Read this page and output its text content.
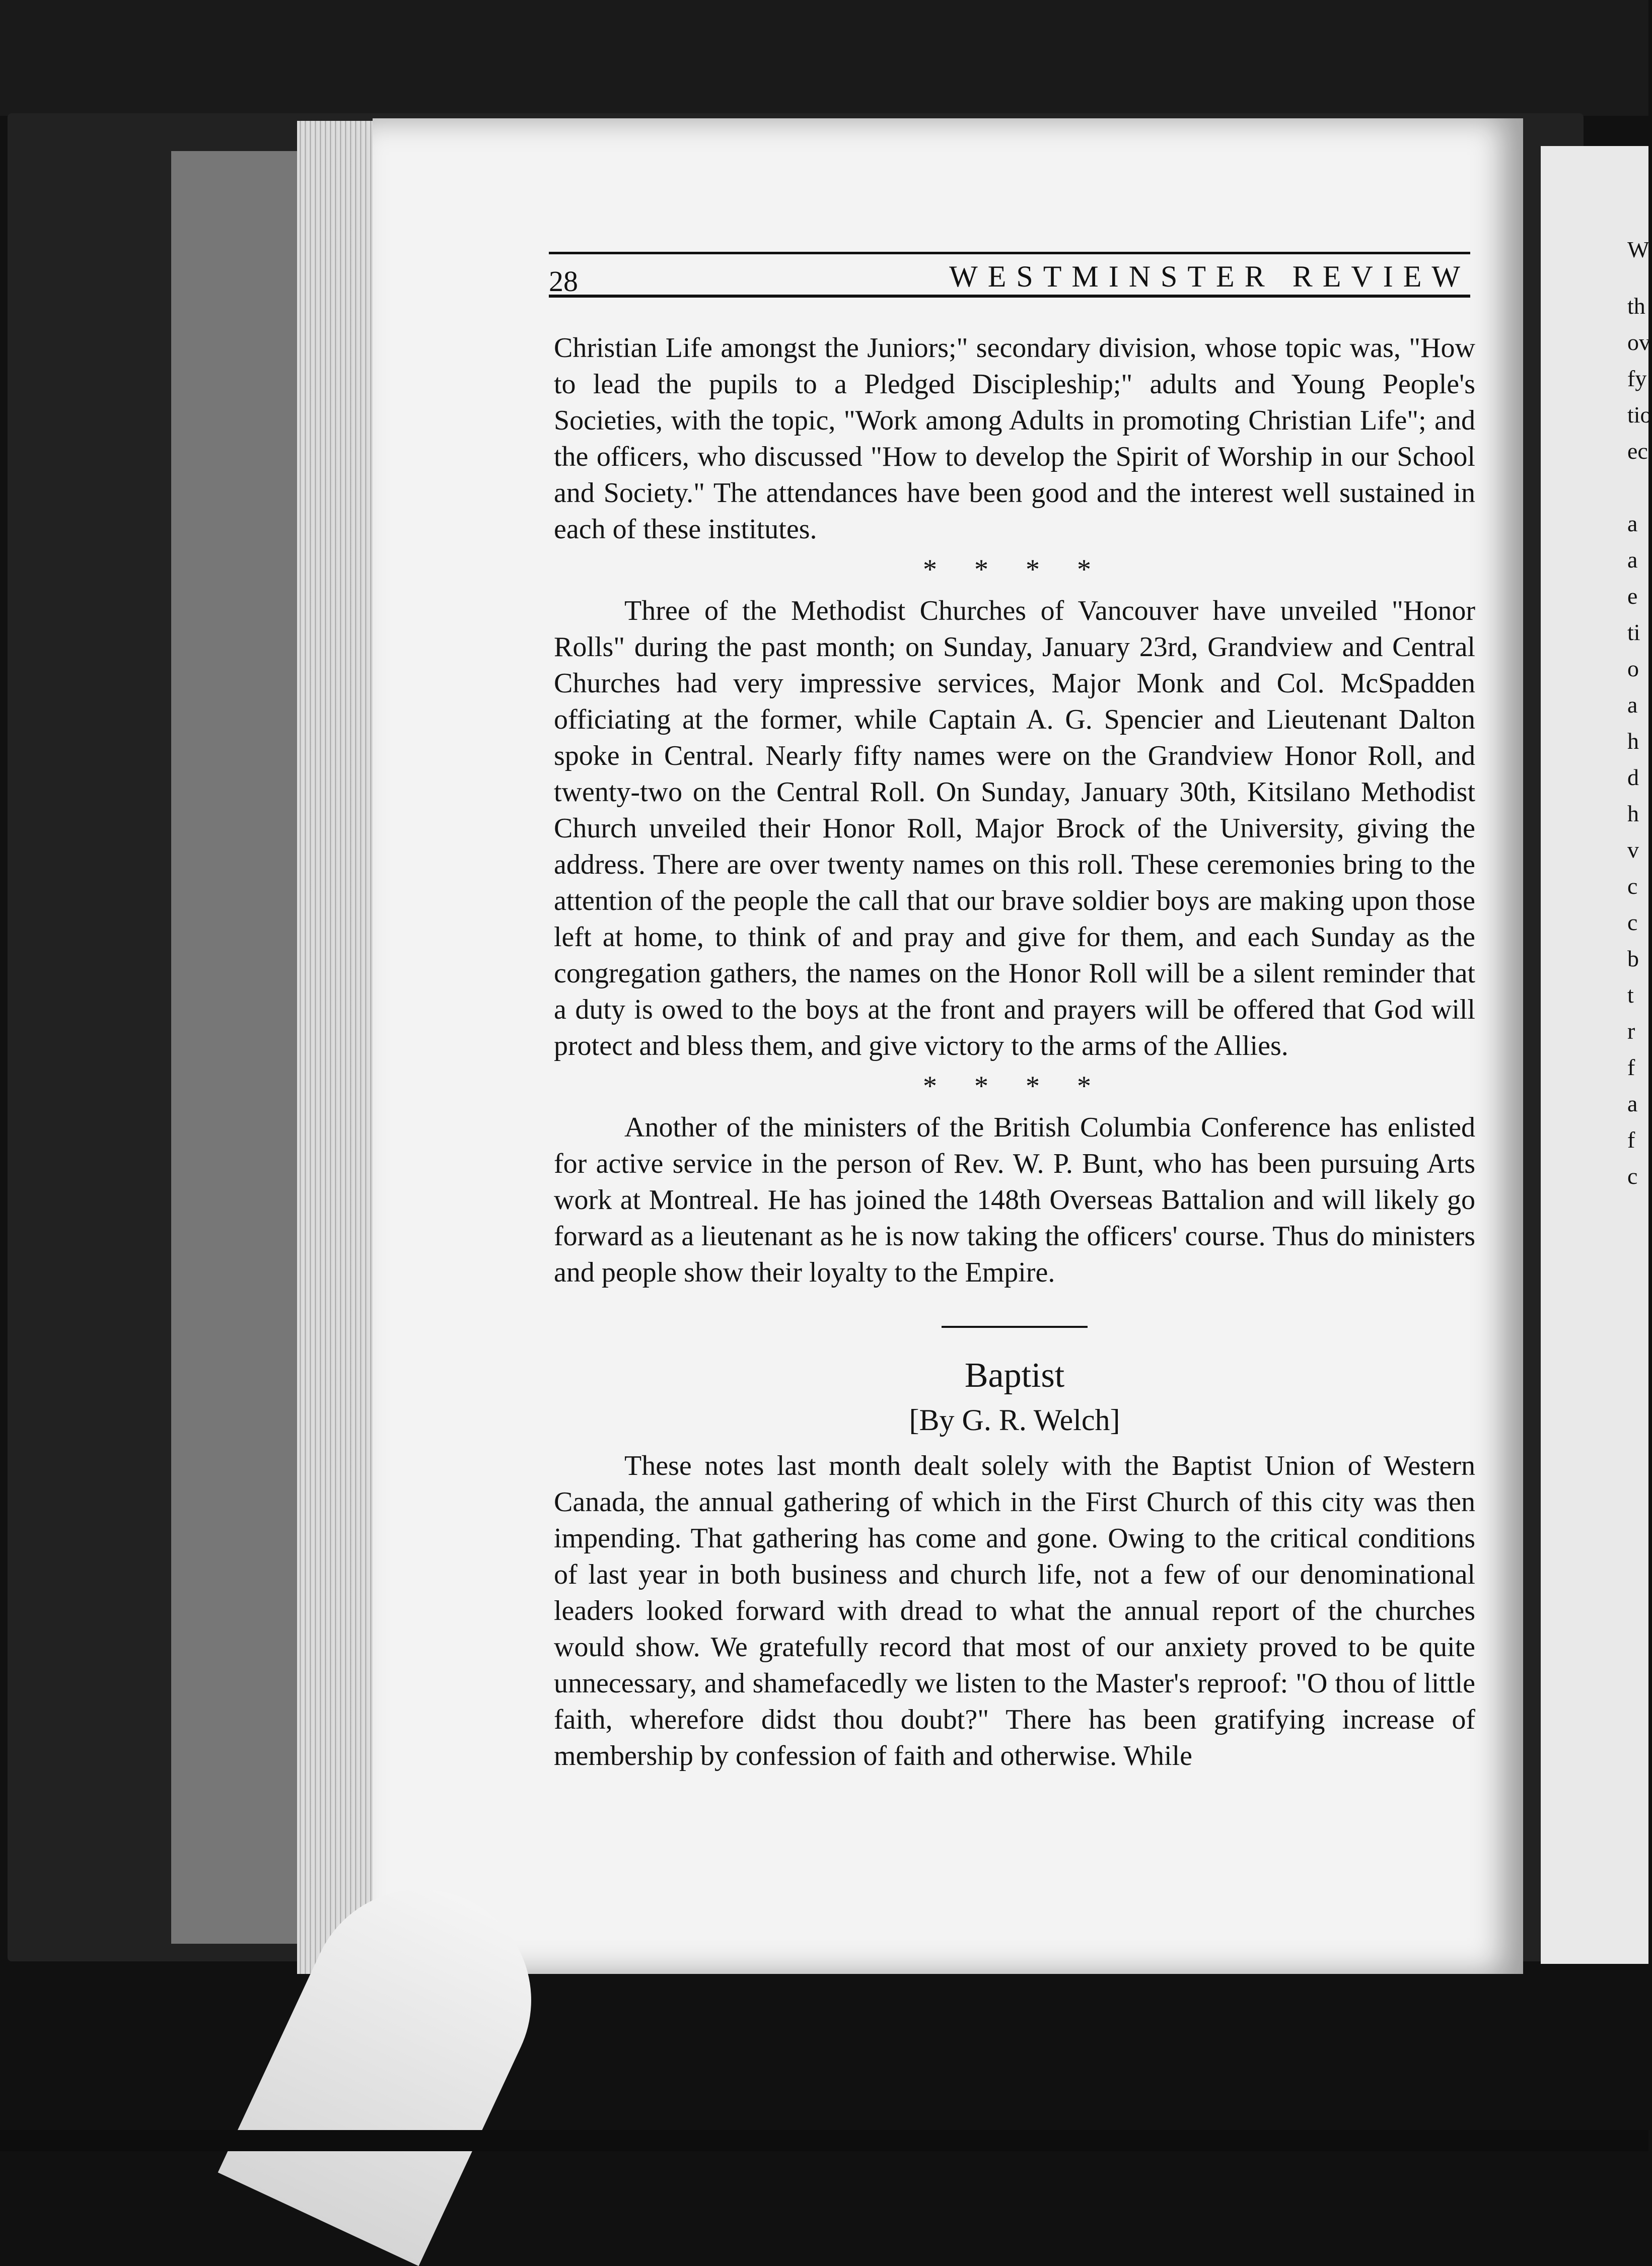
W
th
ov
fy
tio
ec

a
a
e
ti
o
a
h
d
h
v
c
c
b
t
r
f
a
f
c
28	WESTMINSTER REVIEW

Christian Life amongst the Juniors;" secondary division, whose topic was, "How to lead the pupils to a Pledged Discipleship;" adults and Young People's Societies, with the topic, "Work among Adults in promoting Christian Life"; and the officers, who discussed "How to develop the Spirit of Worship in our School and Society." The attendances have been good and the interest well sustained in each of these institutes.

* * * *

Three of the Methodist Churches of Vancouver have unveiled "Honor Rolls" during the past month; on Sunday, January 23rd, Grandview and Central Churches had very impressive services, Major Monk and Col. McSpadden officiating at the former, while Captain A. G. Spencier and Lieutenant Dalton spoke in Central. Nearly fifty names were on the Grandview Honor Roll, and twenty-two on the Central Roll. On Sunday, January 30th, Kitsilano Methodist Church unveiled their Honor Roll, Major Brock of the University, giving the address. There are over twenty names on this roll. These ceremonies bring to the attention of the people the call that our brave soldier boys are making upon those left at home, to think of and pray and give for them, and each Sunday as the congregation gathers, the names on the Honor Roll will be a silent reminder that a duty is owed to the boys at the front and prayers will be offered that God will protect and bless them, and give victory to the arms of the Allies.

* * * *

Another of the ministers of the British Columbia Conference has enlisted for active service in the person of Rev. W. P. Bunt, who has been pursuing Arts work at Montreal. He has joined the 148th Overseas Battalion and will likely go forward as a lieutenant as he is now taking the officers' course. Thus do ministers and people show their loyalty to the Empire.

Baptist
[By G. R. Welch]

These notes last month dealt solely with the Baptist Union of Western Canada, the annual gathering of which in the First Church of this city was then impending. That gathering has come and gone. Owing to the critical conditions of last year in both business and church life, not a few of our denominational leaders looked forward with dread to what the annual report of the churches would show. We gratefully record that most of our anxiety proved to be quite unnecessary, and shamefacedly we listen to the Master's reproof: "O thou of little faith, wherefore didst thou doubt?" There has been gratifying increase of membership by confession of faith and otherwise. While
